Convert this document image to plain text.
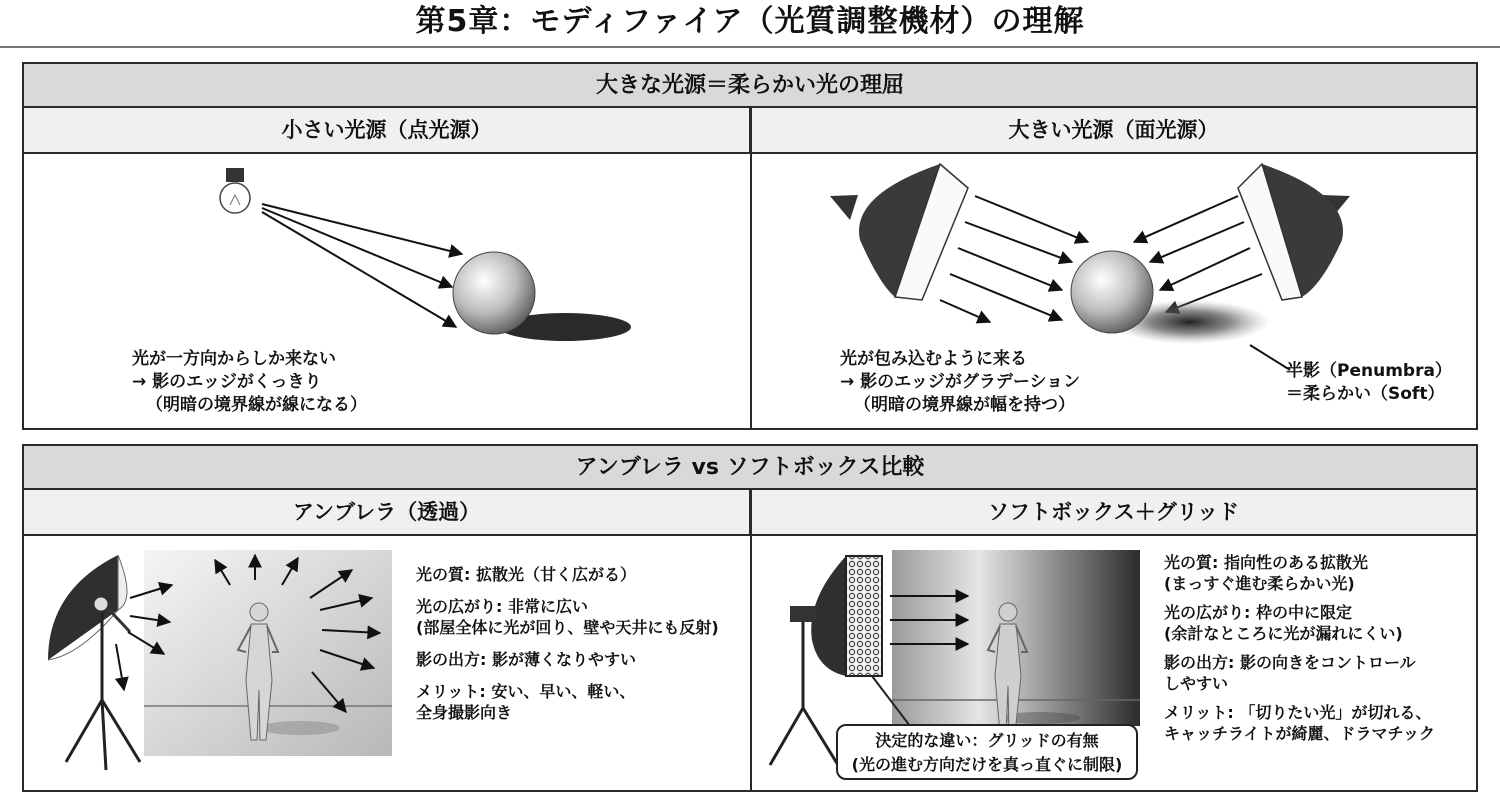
第5章：モディファイア（光質調整機材）の理解
大きな光源＝柔らかい光の理屈
小さい光源（点光源）	大きい光源（面光源）
アンブレラ vs ソフトボックス比較
アンブレラ（透過）	ソフトボックス＋グリッド
光が一方向からしか来ない
→ 影のエッジがくっきり
（明暗の境界線が線になる）
光が包み込むように来る
→ 影のエッジがグラデーション
（明暗の境界線が幅を持つ）
半影（Penumbra）
＝柔らかい（Soft）
光の質: 拡散光（甘く広がる）
光の広がり: 非常に広い
(部屋全体に光が回り、壁や天井にも反射)
影の出方: 影が薄くなりやすい
メリット: 安い、早い、軽い、
全身撮影向き
光の質: 指向性のある拡散光
(まっすぐ進む柔らかい光)
光の広がり: 枠の中に限定
(余計なところに光が漏れにくい)
影の出方: 影の向きをコントロール
しやすい
メリット: 「切りたい光」が切れる、
キャッチライトが綺麗、ドラマチック
決定的な違い：グリッドの有無
(光の進む方向だけを真っ直ぐに制限)
